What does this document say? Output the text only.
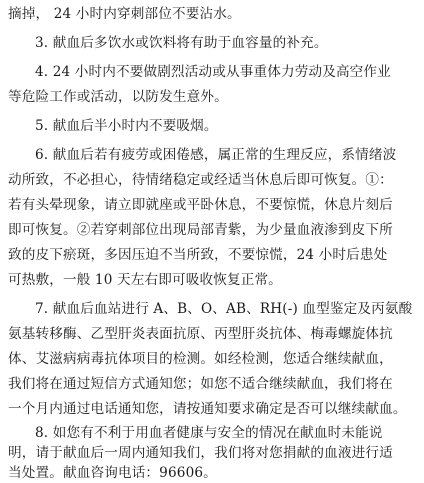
摘掉， 24 小时内穿刺部位不要沾水。
3. 献血后多饮水或饮料将有助于血容量的补充。
4. 24 小时内不要做剧烈活动或从事重体力劳动及高空作业
等危险工作或活动，以防发生意外。
5. 献血后半小时内不要吸烟。
6. 献血后若有疲劳或困倦感，属正常的生理反应，系情绪波
动所致，不必担心，待情绪稳定或经适当休息后即可恢复。①：
若有头晕现象，请立即就座或平卧休息，不要惊慌，休息片刻后
即可恢复。②若穿刺部位出现局部青紫，为少量血液渗到皮下所
致的皮下瘀斑，多因压迫不当所致，不要惊慌，24 小时后患处
可热敷，一般 10 天左右即可吸收恢复正常。
7. 献血后血站进行 A、B、O、AB、RH(-) 血型鉴定及丙氨酸
氨基转移酶、乙型肝炎表面抗原、丙型肝炎抗体、梅毒螺旋体抗
体、艾滋病病毒抗体项目的检测。如经检测，您适合继续献血，
我们将在通过短信方式通知您；如您不适合继续献血，我们将在
一个月内通过电话通知您，请按通知要求确定是否可以继续献血。
8. 如您有不利于用血者健康与安全的情况在献血时未能说
明，请于献血后一周内通知我们，我们将对您捐献的血液进行适
当处置。献血咨询电话：96606。
